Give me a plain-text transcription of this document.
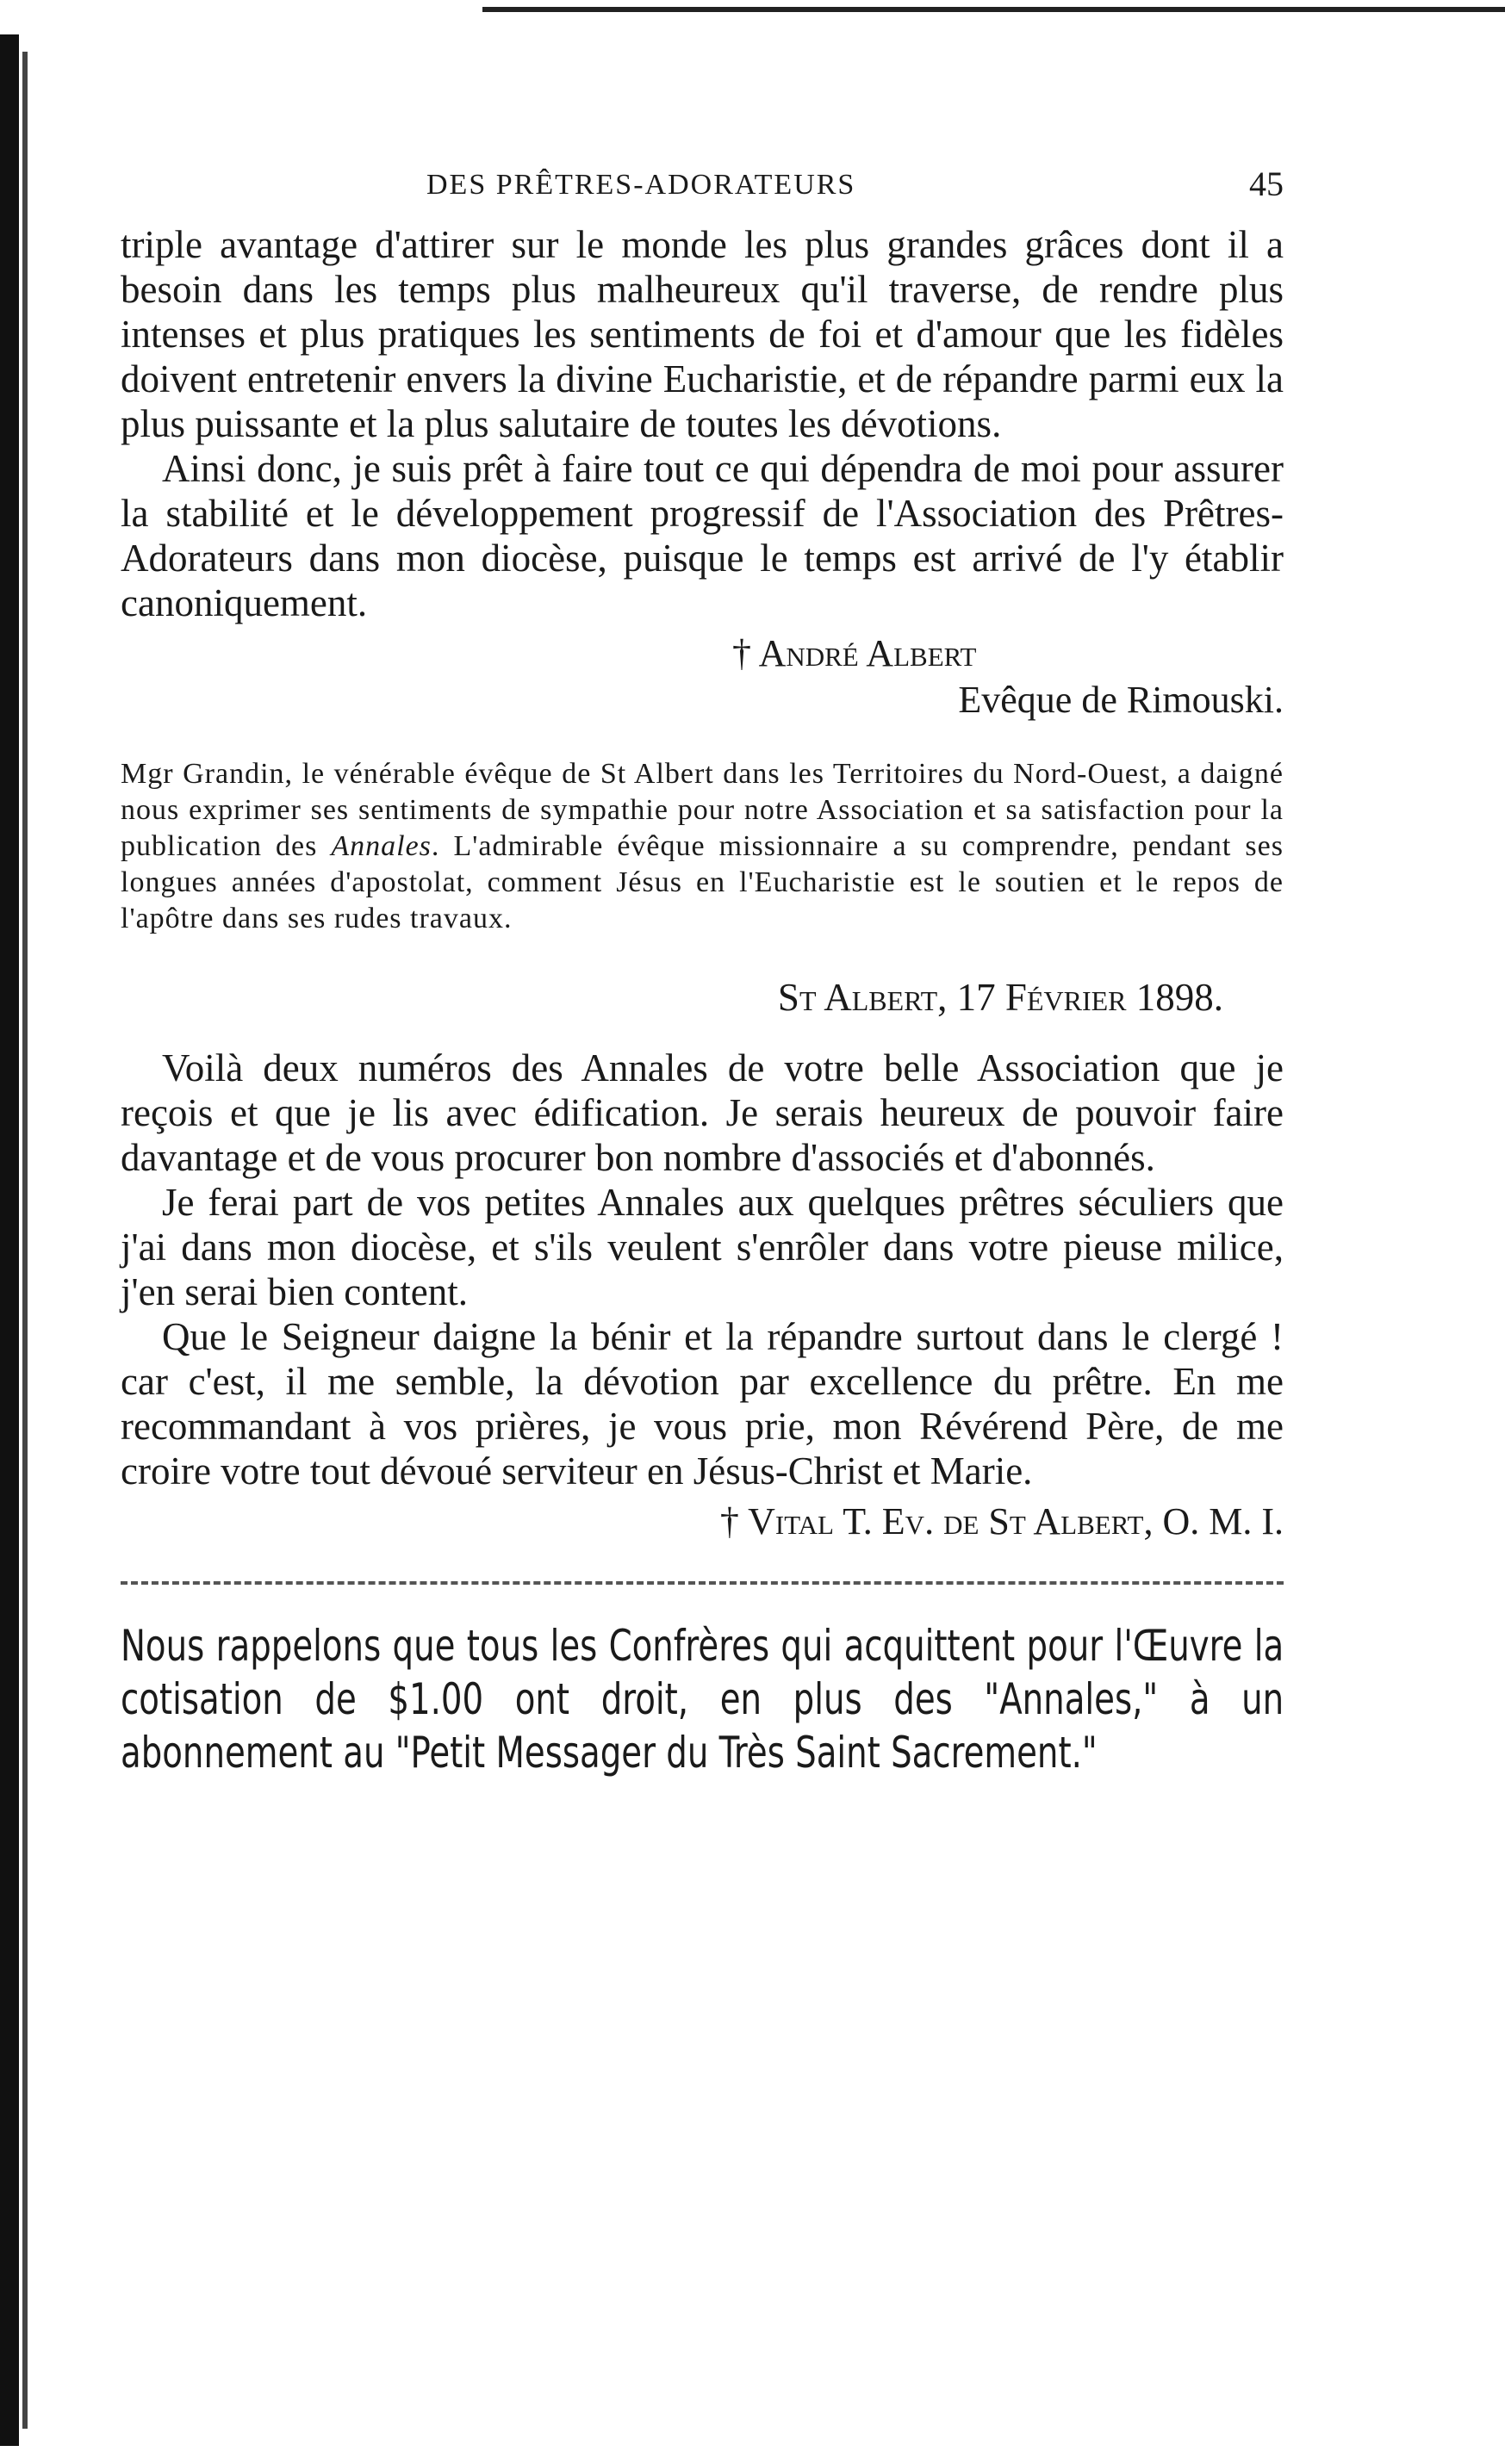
DES PRÊTRES-ADORATEURS	45

triple avantage d'attirer sur le monde les plus grandes grâces dont il a besoin dans les temps plus malheureux qu'il traverse, de rendre plus intenses et plus pratiques les sentiments de foi et d'amour que les fidèles doivent entretenir envers la divine Eucharistie, et de répandre parmi eux la plus puissante et la plus salutaire de toutes les dévotions.

Ainsi donc, je suis prêt à faire tout ce qui dépendra de moi pour assurer la stabilité et le développement progressif de l'Association des Prêtres-Adorateurs dans mon diocèse, puisque le temps est arrivé de l'y établir canoniquement.

† André Albert
Evêque de Rimouski.

Mgr Grandin, le vénérable évêque de St Albert dans les Territoires du Nord-Ouest, a daigné nous exprimer ses sentiments de sympathie pour notre Association et sa satisfaction pour la publication des Annales. L'admirable évêque missionnaire a su comprendre, pendant ses longues années d'apostolat, comment Jésus en l'Eucharistie est le soutien et le repos de l'apôtre dans ses rudes travaux.

St Albert, 17 Février 1898.

Voilà deux numéros des Annales de votre belle Association que je reçois et que je lis avec édification. Je serais heureux de pouvoir faire davantage et de vous procurer bon nombre d'associés et d'abonnés.

Je ferai part de vos petites Annales aux quelques prêtres séculiers que j'ai dans mon diocèse, et s'ils veulent s'enrôler dans votre pieuse milice, j'en serai bien content.

Que le Seigneur daigne la bénir et la répandre surtout dans le clergé ! car c'est, il me semble, la dévotion par excellence du prêtre. En me recommandant à vos prières, je vous prie, mon Révérend Père, de me croire votre tout dévoué serviteur en Jésus-Christ et Marie.

† Vital T. Ev. de St Albert, O. M. I.
Nous rappelons que tous les Confrères qui acquittent pour l'Œuvre la cotisation de $1.00 ont droit, en plus des "Annales," à un abonnement au "Petit Messager du Très Saint Sacrement."
